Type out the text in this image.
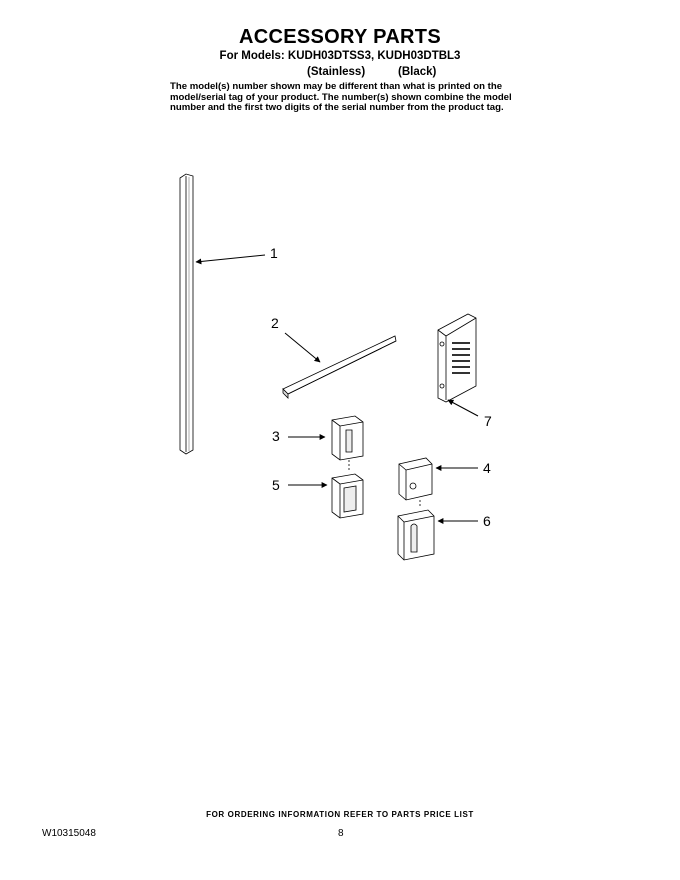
ACCESSORY PARTS
For Models: KUDH03DTSS3, KUDH03DTBL3
(Stainless)	(Black)
The model(s) number shown may be different than what is printed on the
model/serial tag of your product. The number(s) shown combine the model
number and the first two digits of the serial number from the product tag.
1
2
3
4
5
6
7
FOR ORDERING INFORMATION REFER TO PARTS PRICE LIST
W10315048	8
